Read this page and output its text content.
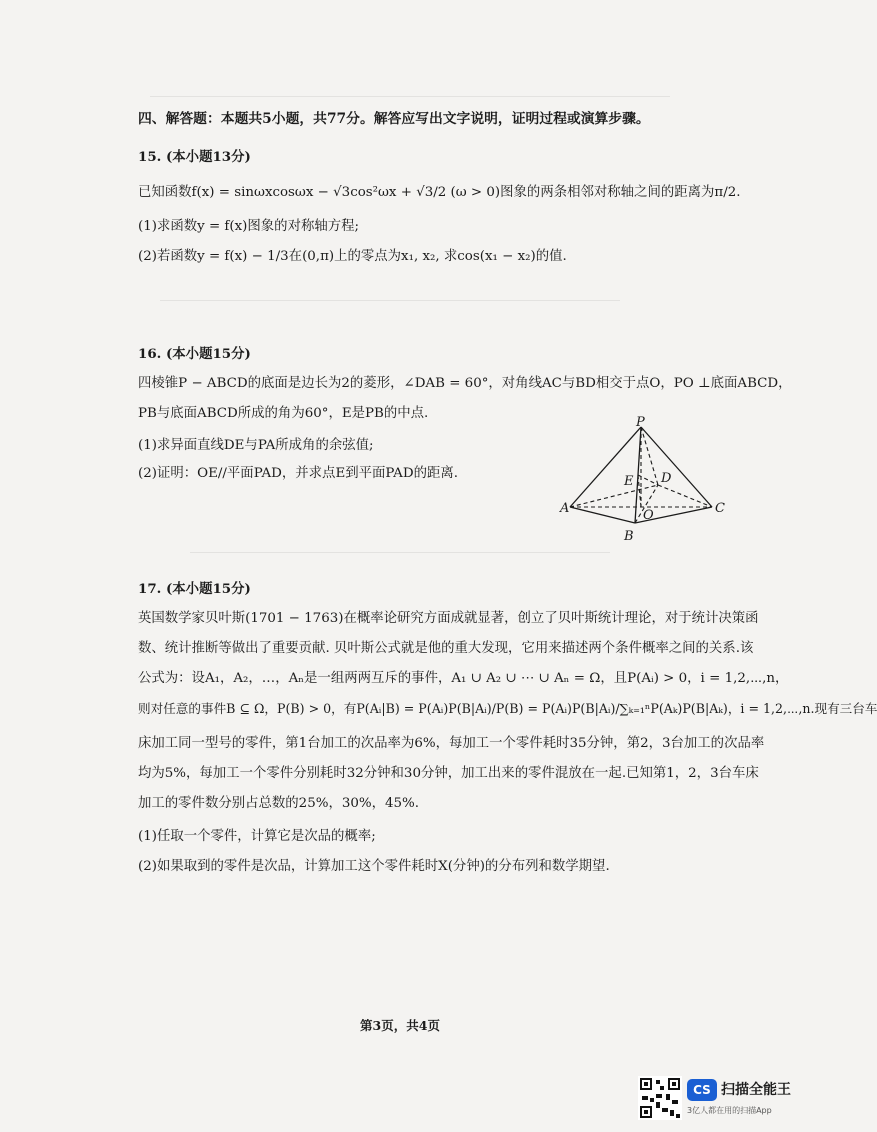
四、解答题：本题共5小题，共77分。解答应写出文字说明，证明过程或演算步骤。
15. (本小题13分)
已知函数f(x) = sinωxcosωx − √3cos²ωx + √3/2 (ω > 0)图象的两条相邻对称轴之间的距离为π/2.
(1)求函数y = f(x)图象的对称轴方程;
(2)若函数y = f(x) − 1/3在(0,π)上的零点为x₁, x₂, 求cos(x₁ − x₂)的值.
16. (本小题15分)
四棱锥P − ABCD的底面是边长为2的菱形，∠DAB = 60°，对角线AC与BD相交于点O，PO ⊥底面ABCD，
PB与底面ABCD所成的角为60°，E是PB的中点.
(1)求异面直线DE与PA所成角的余弦值;
(2)证明：OE//平面PAD，并求点E到平面PAD的距离.
P
E D
A	O	C
B
17. (本小题15分)
英国数学家贝叶斯(1701 − 1763)在概率论研究方面成就显著，创立了贝叶斯统计理论，对于统计决策函
数、统计推断等做出了重要贡献. 贝叶斯公式就是他的重大发现，它用来描述两个条件概率之间的关系.该
公式为：设A₁，A₂，…，Aₙ是一组两两互斥的事件，A₁ ∪ A₂ ∪ ⋯ ∪ Aₙ = Ω，且P(Aᵢ) > 0，i = 1,2,⋯,n，
则对任意的事件B ⊆ Ω，P(B) > 0，有P(Aᵢ|B) = P(Aᵢ)P(B|Aᵢ)/P(B) = P(Aᵢ)P(B|Aᵢ)/∑ₖ₌₁ⁿP(Aₖ)P(B|Aₖ)，i = 1,2,⋯,n.现有三台车
床加工同一型号的零件，第1台加工的次品率为6%，每加工一个零件耗时35分钟，第2，3台加工的次品率
均为5%，每加工一个零件分别耗时32分钟和30分钟，加工出来的零件混放在一起.已知第1，2，3台车床
加工的零件数分别占总数的25%，30%，45%.
(1)任取一个零件，计算它是次品的概率;
(2)如果取到的零件是次品，计算加工这个零件耗时X(分钟)的分布列和数学期望.
第3页，共4页
CS 扫描全能王
3亿人都在用的扫描App
